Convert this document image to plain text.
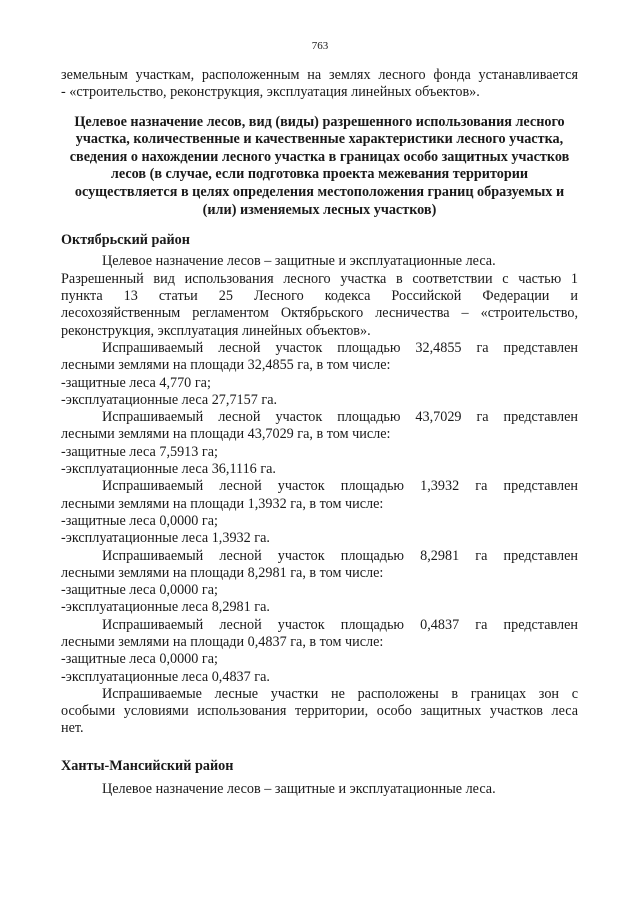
763

земельным участкам, расположенным на землях лесного фонда устанавливается

- «строительство, реконструкция, эксплуатация линейных объектов».

Целевое назначение лесов, вид (виды) разрешенного использования лесного участка, количественные и качественные характеристики лесного участка, сведения о нахождении лесного участка в границах особо защитных участков лесов (в случае, если подготовка проекта межевания территории осуществляется в целях определения местоположения границ образуемых и (или) изменяемых лесных участков)

Октябрьский район

Целевое назначение лесов – защитные и эксплуатационные леса.

Разрешенный вид использования лесного участка в соответствии с частью 1

пункта 13 статьи 25 Лесного кодекса Российской Федерации и

лесохозяйственным регламентом Октябрьского лесничества – «строительство,

реконструкция, эксплуатация линейных объектов».

Испрашиваемый лесной участок площадью 32,4855 га представлен

лесными землями на площади 32,4855 га, в том числе:

-защитные леса 4,770 га;

-эксплуатационные леса 27,7157 га.

Испрашиваемый лесной участок площадью 43,7029 га представлен

лесными землями на площади 43,7029 га, в том числе:

-защитные леса 7,5913 га;

-эксплуатационные леса 36,1116 га.

Испрашиваемый лесной участок площадью 1,3932 га представлен

лесными землями на площади 1,3932 га, в том числе:

-защитные леса 0,0000 га;

-эксплуатационные леса 1,3932 га.

Испрашиваемый лесной участок площадью 8,2981 га представлен

лесными землями на площади 8,2981 га, в том числе:

-защитные леса 0,0000 га;

-эксплуатационные леса 8,2981 га.

Испрашиваемый лесной участок площадью 0,4837 га представлен

лесными землями на площади 0,4837 га, в том числе:

-защитные леса 0,0000 га;

-эксплуатационные леса 0,4837 га.

Испрашиваемые лесные участки не расположены в границах зон с

особыми условиями использования территории, особо защитных участков леса

нет.

Ханты-Мансийский район

Целевое назначение лесов – защитные и эксплуатационные леса.
